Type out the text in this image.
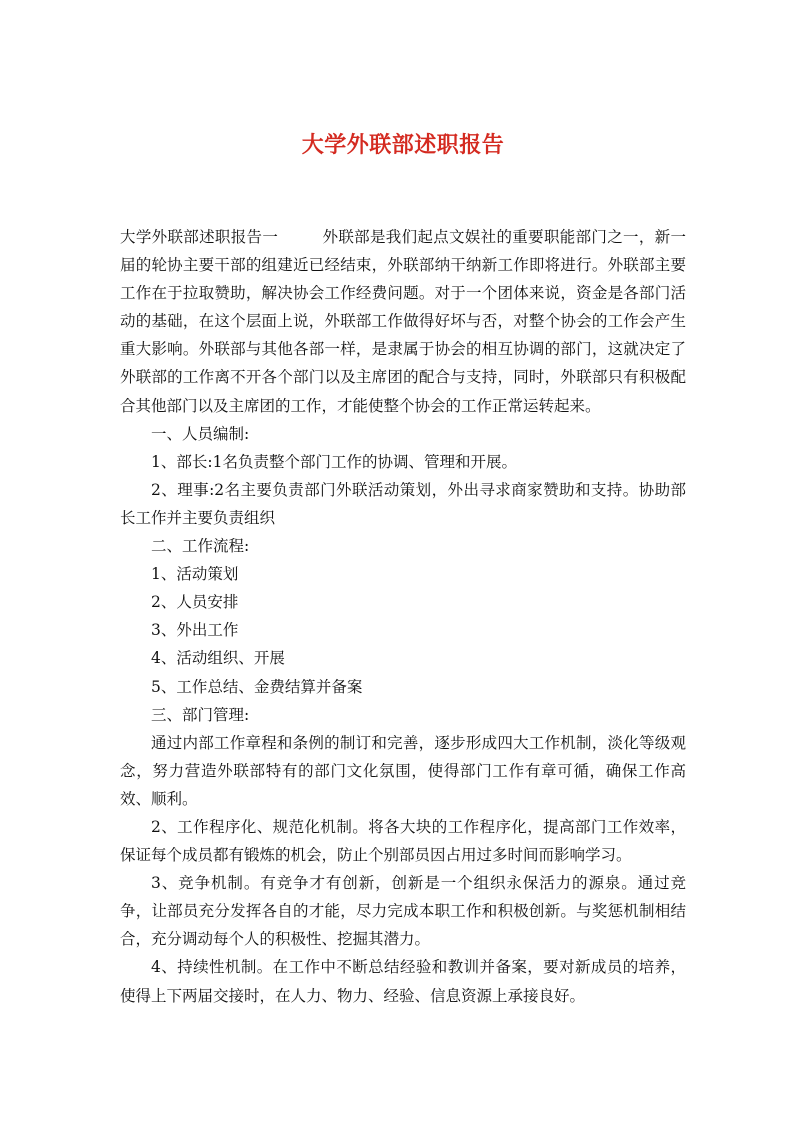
大学外联部述职报告

大学外联部述职报告一	外联部是我们起点文娱社的重要职能部门之一，新一届的轮协主要干部的组建近已经结束，外联部纳干纳新工作即将进行。外联部主要工作在于拉取赞助，解决协会工作经费问题。对于一个团体来说，资金是各部门活动的基础，在这个层面上说，外联部工作做得好坏与否，对整个协会的工作会产生重大影响。外联部与其他各部一样，是隶属于协会的相互协调的部门，这就决定了外联部的工作离不开各个部门以及主席团的配合与支持，同时，外联部只有积极配合其他部门以及主席团的工作，才能使整个协会的工作正常运转起来。

一、人员编制:

1、部长:1名负责整个部门工作的协调、管理和开展。

2、理事:2名主要负责部门外联活动策划，外出寻求商家赞助和支持。协助部长工作并主要负责组织

二、工作流程:

1、活动策划

2、人员安排

3、外出工作

4、活动组织、开展

5、工作总结、金费结算并备案

三、部门管理:

通过内部工作章程和条例的制订和完善，逐步形成四大工作机制，淡化等级观念，努力营造外联部特有的部门文化氛围，使得部门工作有章可循，确保工作高效、顺利。

2、工作程序化、规范化机制。将各大块的工作程序化，提高部门工作效率，保证每个成员都有锻炼的机会，防止个别部员因占用过多时间而影响学习。

3、竞争机制。有竞争才有创新，创新是一个组织永保活力的源泉。通过竞争，让部员充分发挥各自的才能，尽力完成本职工作和积极创新。与奖惩机制相结合，充分调动每个人的积极性、挖掘其潜力。

4、持续性机制。在工作中不断总结经验和教训并备案，要对新成员的培养，使得上下两届交接时，在人力、物力、经验、信息资源上承接良好。
